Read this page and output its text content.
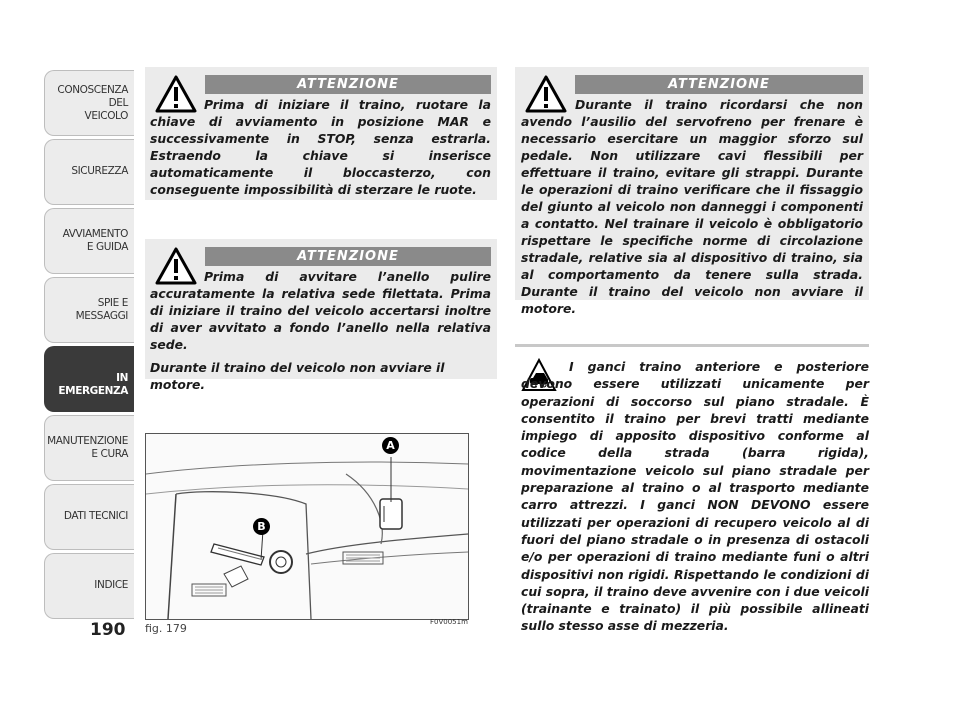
CONOSCENZA
DEL
VEICOLO
SICUREZZA
AVVIAMENTO
E GUIDA
SPIE E
MESSAGGI
IN EMERGENZA
MANUTENZIONE
E CURA
DATI TECNICI
INDICE
190
ATTENZIONE

Prima di iniziare il traino, ruotare la chiave di avviamento in posizione MAR e successivamente in STOP, senza estrarla. Estraendo la chiave si inserisce automaticamente il bloccasterzo, con conseguente impossibilità di sterzare le ruote.

ATTENZIONE

Prima di avvitare l’anello pulire accuratamente la relativa sede filettata. Prima di iniziare il traino del veicolo accertarsi inoltre di aver avvitato a fondo l’anello nella relativa sede.

Durante il traino del veicolo non avviare il motore.

ATTENZIONE

Durante il traino ricordarsi che non avendo l’ausilio del servofreno per frenare è necessario esercitare un maggior sforzo sul pedale. Non utilizzare cavi flessibili per effettuare il traino, evitare gli strappi. Durante le operazioni di traino verificare che il fissaggio del giunto al veicolo non danneggi i componenti a contatto. Nel trainare il veicolo è obbligatorio rispettare le specifiche norme di circolazione stradale, relative sia al dispositivo di traino, sia al comportamento da tenere sulla strada. Durante il traino del veicolo non avviare il motore.

I ganci traino anteriore e posteriore devono essere utilizzati unicamente per operazioni di soccorso sul piano stradale. È consentito il traino per brevi tratti mediante impiego di apposito dispositivo conforme al codice della strada (barra rigida), movimentazione veicolo sul piano stradale per preparazione al traino o al trasporto mediante carro attrezzi. I ganci NON DEVONO essere utilizzati per operazioni di recupero veicolo al di fuori del piano stradale o in presenza di ostacoli e/o per operazioni di traino mediante funi o altri dispositivi non rigidi. Rispettando le condizioni di cui sopra, il traino deve avvenire con i due veicoli (trainante e trainato) il più possibile allineati sullo stesso asse di mezzeria.

A
B
fig. 179	F0V0051m
